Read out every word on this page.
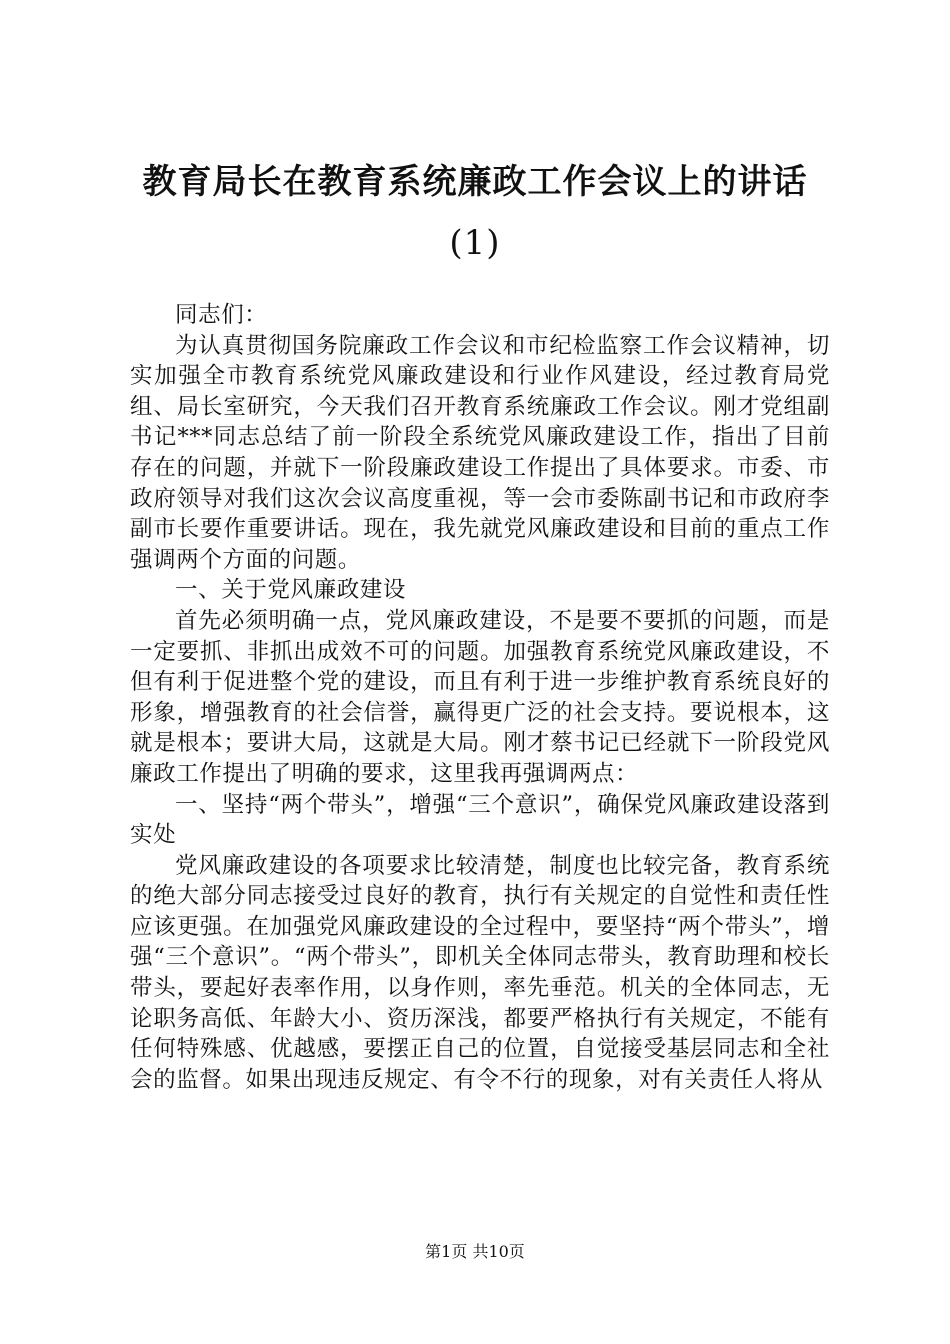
教育局长在教育系统廉政工作会议上的讲话
(1)

同志们：

为认真贯彻国务院廉政工作会议和市纪检监察工作会议精神，切实加强全市教育系统党风廉政建设和行业作风建设，经过教育局党组、局长室研究，今天我们召开教育系统廉政工作会议。刚才党组副书记***同志总结了前一阶段全系统党风廉政建设工作，指出了目前存在的问题，并就下一阶段廉政建设工作提出了具体要求。市委、市政府领导对我们这次会议高度重视，等一会市委陈副书记和市政府李副市长要作重要讲话。现在，我先就党风廉政建设和目前的重点工作强调两个方面的问题。

一、关于党风廉政建设

首先必须明确一点，党风廉政建设，不是要不要抓的问题，而是一定要抓、非抓出成效不可的问题。加强教育系统党风廉政建设，不但有利于促进整个党的建设，而且有利于进一步维护教育系统良好的形象，增强教育的社会信誉，赢得更广泛的社会支持。要说根本，这就是根本；要讲大局，这就是大局。刚才蔡书记已经就下一阶段党风廉政工作提出了明确的要求，这里我再强调两点：

一、坚持“两个带头”，增强“三个意识”，确保党风廉政建设落到实处

党风廉政建设的各项要求比较清楚，制度也比较完备，教育系统的绝大部分同志接受过良好的教育，执行有关规定的自觉性和责任性应该更强。在加强党风廉政建设的全过程中，要坚持“两个带头”，增强“三个意识”。“两个带头”，即机关全体同志带头，教育助理和校长带头，要起好表率作用，以身作则，率先垂范。机关的全体同志，无论职务高低、年龄大小、资历深浅，都要严格执行有关规定，不能有任何特殊感、优越感，要摆正自己的位置，自觉接受基层同志和全社会的监督。如果出现违反规定、有令不行的现象，对有关责任人将从

第1页 共10页
